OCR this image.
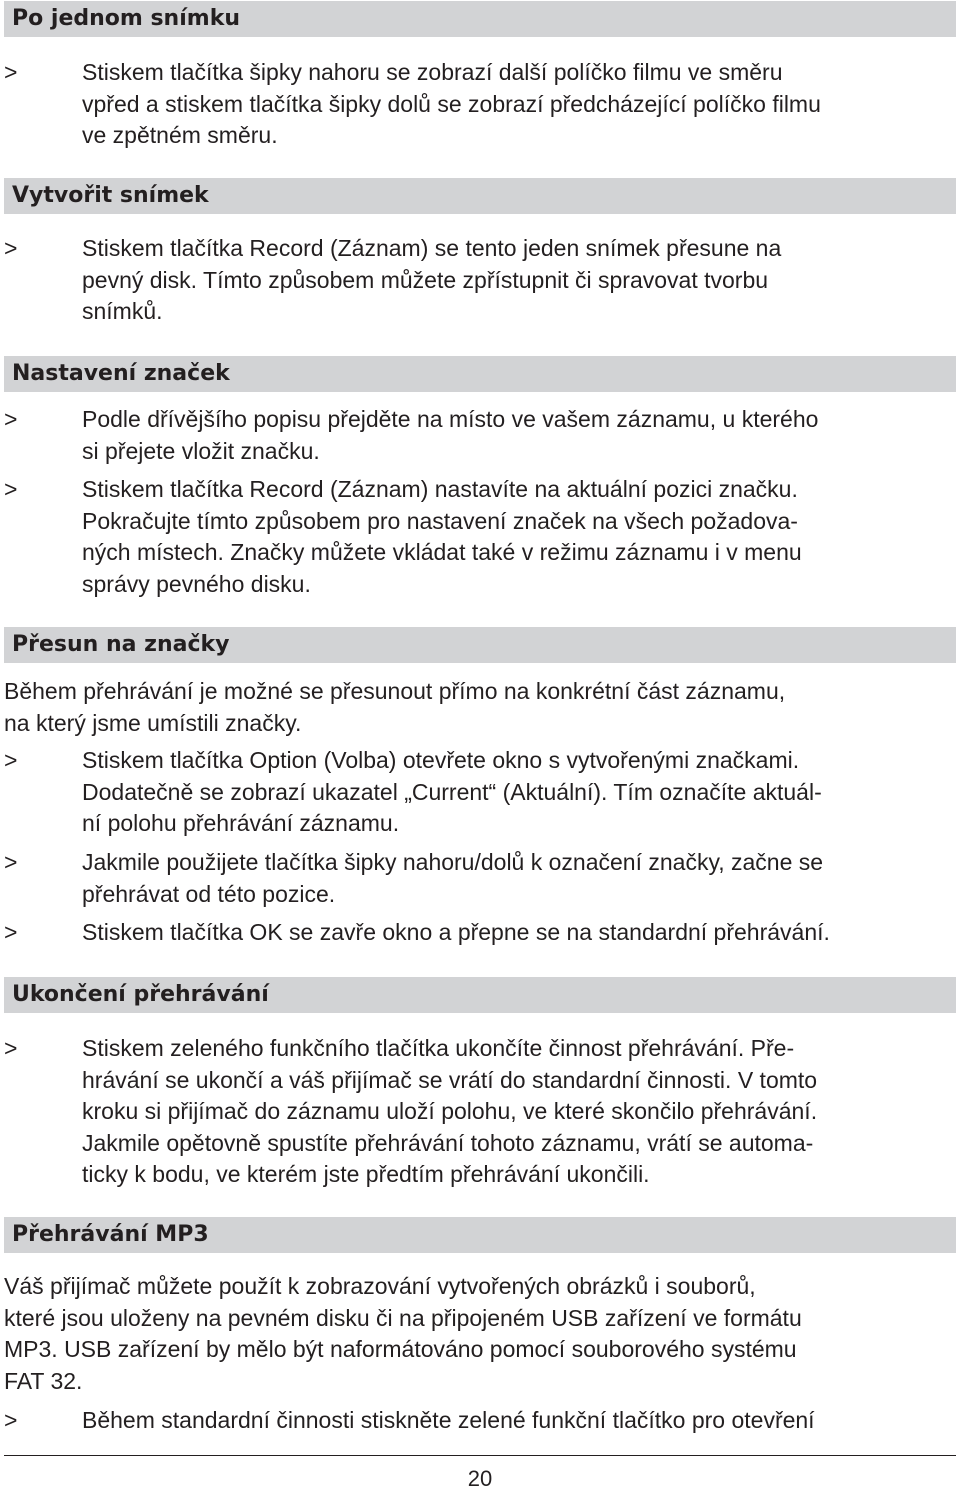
Po jednom snímku
>	Stiskem tlačítka šipky nahoru se zobrazí další políčko filmu ve směru
vpřed a stiskem tlačítka šipky dolů se zobrazí předcházející políčko filmu
ve zpětném směru.
Vytvořit snímek
>	Stiskem tlačítka Record (Záznam) se tento jeden snímek přesune na
pevný disk. Tímto způsobem můžete zpřístupnit či spravovat tvorbu
snímků.
Nastavení značek
>	Podle dřívějšího popisu přejděte na místo ve vašem záznamu, u kterého
si přejete vložit značku.
>	Stiskem tlačítka Record (Záznam) nastavíte na aktuální pozici značku.
Pokračujte tímto způsobem pro nastavení značek na všech požadova-
ných místech. Značky můžete vkládat také v režimu záznamu i v menu
správy pevného disku.
Přesun na značky
Během přehrávání je možné se přesunout přímo na konkrétní část záznamu,
na který jsme umístili značky.
>	Stiskem tlačítka Option (Volba) otevřete okno s vytvořenými značkami.
Dodatečně se zobrazí ukazatel „Current“ (Aktuální). Tím označíte aktuál-
ní polohu přehrávání záznamu.
>	Jakmile použijete tlačítka šipky nahoru/dolů k označení značky, začne se
přehrávat od této pozice.
>	Stiskem tlačítka OK se zavře okno a přepne se na standardní přehrávání.
Ukončení přehrávání
>	Stiskem zeleného funkčního tlačítka ukončíte činnost přehrávání. Pře-
hrávání se ukončí a váš přijímač se vrátí do standardní činnosti. V tomto
kroku si přijímač do záznamu uloží polohu, ve které skončilo přehrávání.
Jakmile opětovně spustíte přehrávání tohoto záznamu, vrátí se automa-
ticky k bodu, ve kterém jste předtím přehrávání ukončili.
Přehrávání MP3
Váš přijímač můžete použít k zobrazování vytvořených obrázků i souborů,
které jsou uloženy na pevném disku či na připojeném USB zařízení ve formátu
MP3. USB zařízení by mělo být naformátováno pomocí souborového systému
FAT 32.
>	Během standardní činnosti stiskněte zelené funkční tlačítko pro otevření
20
